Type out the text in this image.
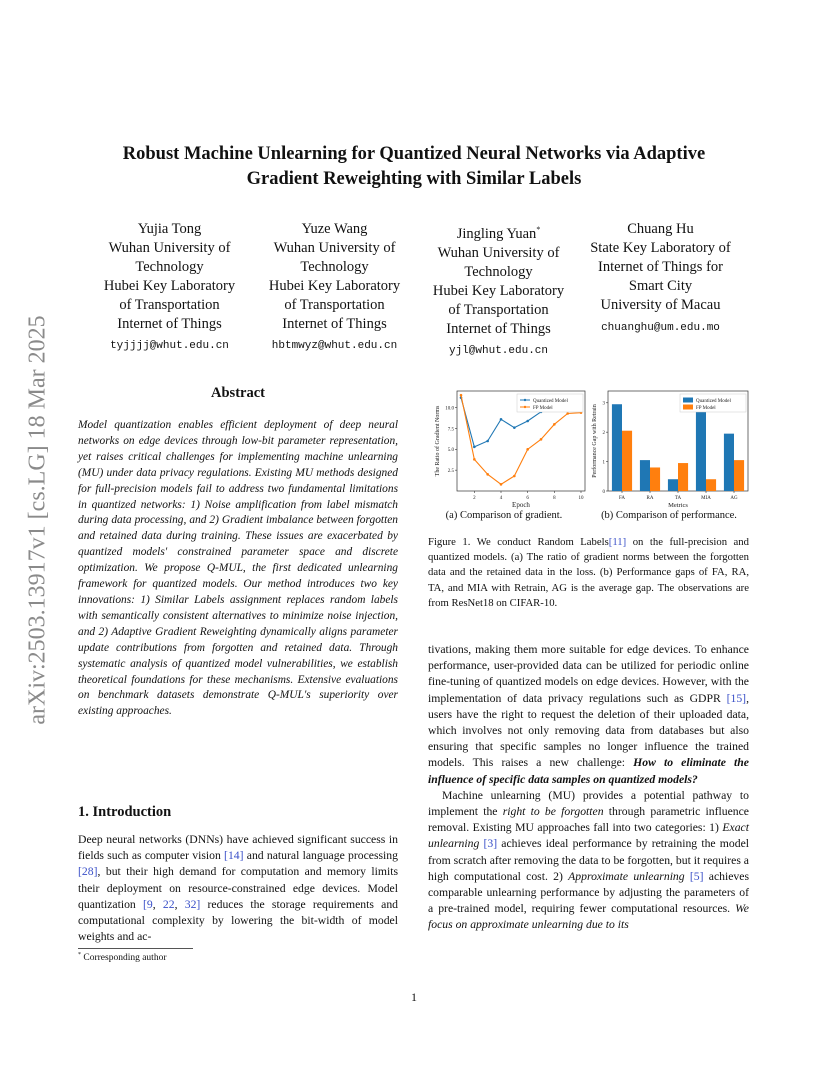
arXiv:2503.13917v1 [cs.LG] 18 Mar 2025
Robust Machine Unlearning for Quantized Neural Networks via Adaptive
Gradient Reweighting with Similar Labels
Yujia Tong
Wuhan University of
Technology
Hubei Key Laboratory
of Transportation
Internet of Things
tyjjjj@whut.edu.cn
Yuze Wang
Wuhan University of
Technology
Hubei Key Laboratory
of Transportation
Internet of Things
hbtmwyz@whut.edu.cn
Jingling Yuan*
Wuhan University of
Technology
Hubei Key Laboratory
of Transportation
Internet of Things
yjl@whut.edu.cn
Chuang Hu
State Key Laboratory of
Internet of Things for
Smart City
University of Macau
chuanghu@um.edu.mo
Abstract
Model quantization enables efficient deployment of deep neural networks on edge devices through low-bit parameter representation, yet raises critical challenges for implementing machine unlearning (MU) under data privacy regulations. Existing MU methods designed for full-precision models fail to address two fundamental limitations in quantized networks: 1) Noise amplification from label mismatch during data processing, and 2) Gradient imbalance between forgotten and retained data during training. These issues are exacerbated by quantized models' constrained parameter space and discrete optimization. We propose Q-MUL, the first dedicated unlearning framework for quantized models. Our method introduces two key innovations: 1) Similar Labels assignment replaces random labels with semantically consistent alternatives to minimize noise injection, and 2) Adaptive Gradient Reweighting dynamically aligns parameter update contributions from forgotten and retained data. Through systematic analysis of quantized model vulnerabilities, we establish theoretical foundations for these mechanisms. Extensive evaluations on benchmark datasets demonstrate Q-MUL's superiority over existing approaches.
1. Introduction
Deep neural networks (DNNs) have achieved significant success in fields such as computer vision [14] and natural language processing [28], but their high demand for computation and memory limits their deployment on resource-constrained edge devices. Model quantization [9, 22, 32] reduces the storage requirements and computational complexity by lowering the bit-width of model weights and ac-
* Corresponding author
2	4	6	8	10
2.5
5.0
7.5
10.0
Epoch
The Ratio of Gradient Norms
Quantized Model
FP Model
FA	RA	TA	MIA	AG
0
1
2
3
Metrics
Performance Gap with Retrain
Quantized Model
FP Model
(a) Comparison of gradient.	(b) Comparison of performance.
Figure 1. We conduct Random Labels[11] on the full-precision and quantized models. (a) The ratio of gradient norms between the forgotten data and the retained data in the loss. (b) Performance gaps of FA, RA, TA, and MIA with Retrain, AG is the average gap. The observations are from ResNet18 on CIFAR-10.
tivations, making them more suitable for edge devices. To enhance performance, user-provided data can be utilized for periodic online fine-tuning of quantized models on edge devices. However, with the implementation of data privacy regulations such as GDPR [15], users have the right to request the deletion of their uploaded data, which involves not only removing data from databases but also ensuring that specific samples no longer influence the trained models. This raises a new challenge: How to eliminate the influence of specific data samples on quantized models?
Machine unlearning (MU) provides a potential pathway to implement the right to be forgotten through parametric influence removal. Existing MU approaches fall into two categories: 1) Exact unlearning [3] achieves ideal performance by retraining the model from scratch after removing the data to be forgotten, but it requires a high computational cost. 2) Approximate unlearning [5] achieves comparable unlearning performance by adjusting the parameters of a pre-trained model, requiring fewer computational resources. We focus on approximate unlearning due to its
1
